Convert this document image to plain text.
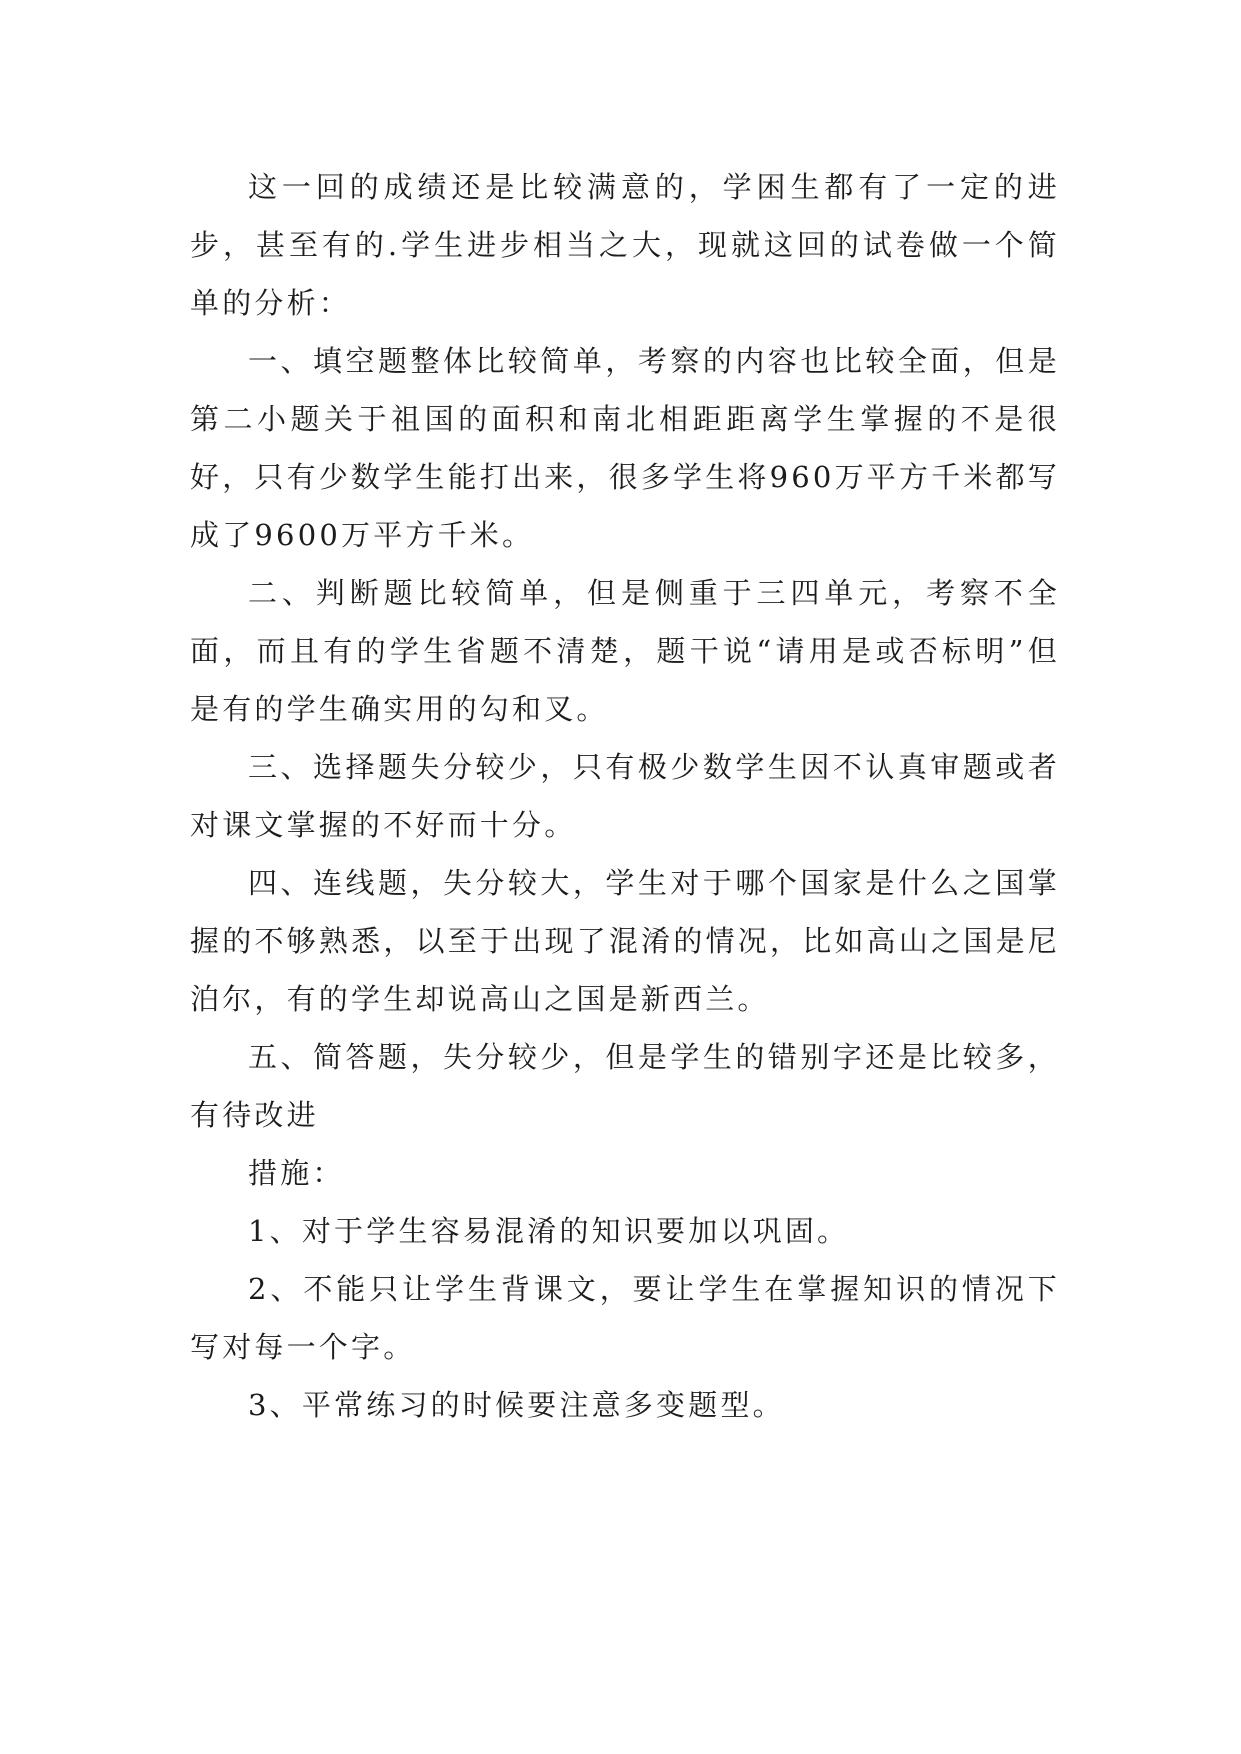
这一回的成绩还是比较满意的，学困生都有了一定的进步，甚至有的.学生进步相当之大，现就这回的试卷做一个简单的分析：

一、填空题整体比较简单，考察的内容也比较全面，但是第二小题关于祖国的面积和南北相距距离学生掌握的不是很好，只有少数学生能打出来，很多学生将960万平方千米都写成了9600万平方千米。

二、判断题比较简单，但是侧重于三四单元，考察不全面，而且有的学生省题不清楚，题干说“请用是或否标明”但是有的学生确实用的勾和叉。

三、选择题失分较少，只有极少数学生因不认真审题或者对课文掌握的不好而十分。

四、连线题，失分较大，学生对于哪个国家是什么之国掌握的不够熟悉，以至于出现了混淆的情况，比如高山之国是尼泊尔，有的学生却说高山之国是新西兰。

五、简答题，失分较少，但是学生的错别字还是比较多，有待改进

措施：

1、对于学生容易混淆的知识要加以巩固。

2、不能只让学生背课文，要让学生在掌握知识的情况下写对每一个字。

3、平常练习的时候要注意多变题型。
